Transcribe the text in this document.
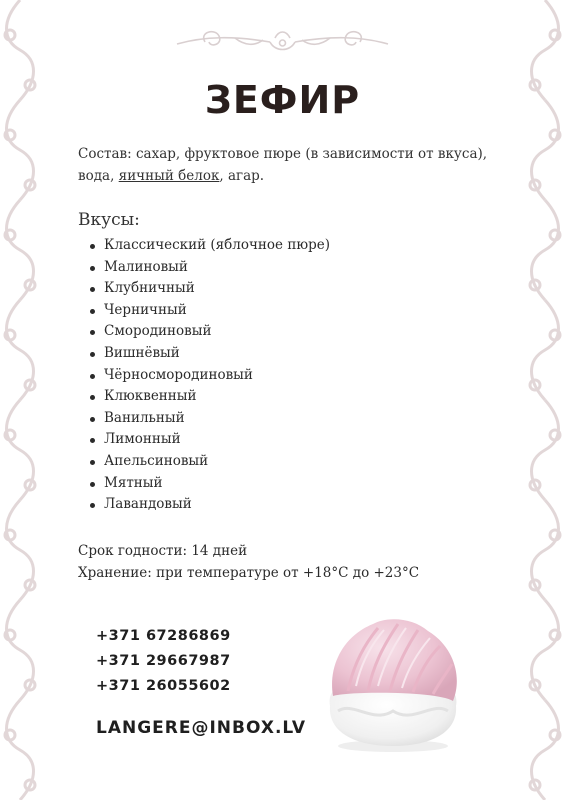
ЗЕФИР
Состав: сахар, фруктовое пюре (в зависимости от вкуса),
вода, яичный белок, агар.
Вкусы:
Классический (яблочное пюре)
Малиновый
Клубничный
Черничный
Смородиновый
Вишнёвый
Чёрносмородиновый
Клюквенный
Ванильный
Лимонный
Апельсиновый
Мятный
Лавандовый
Срок годности: 14 дней
Хранение: при температуре от +18°C до +23°C
+371 67286869
+371 29667987
+371 26055602
LANGERE@INBOX.LV
